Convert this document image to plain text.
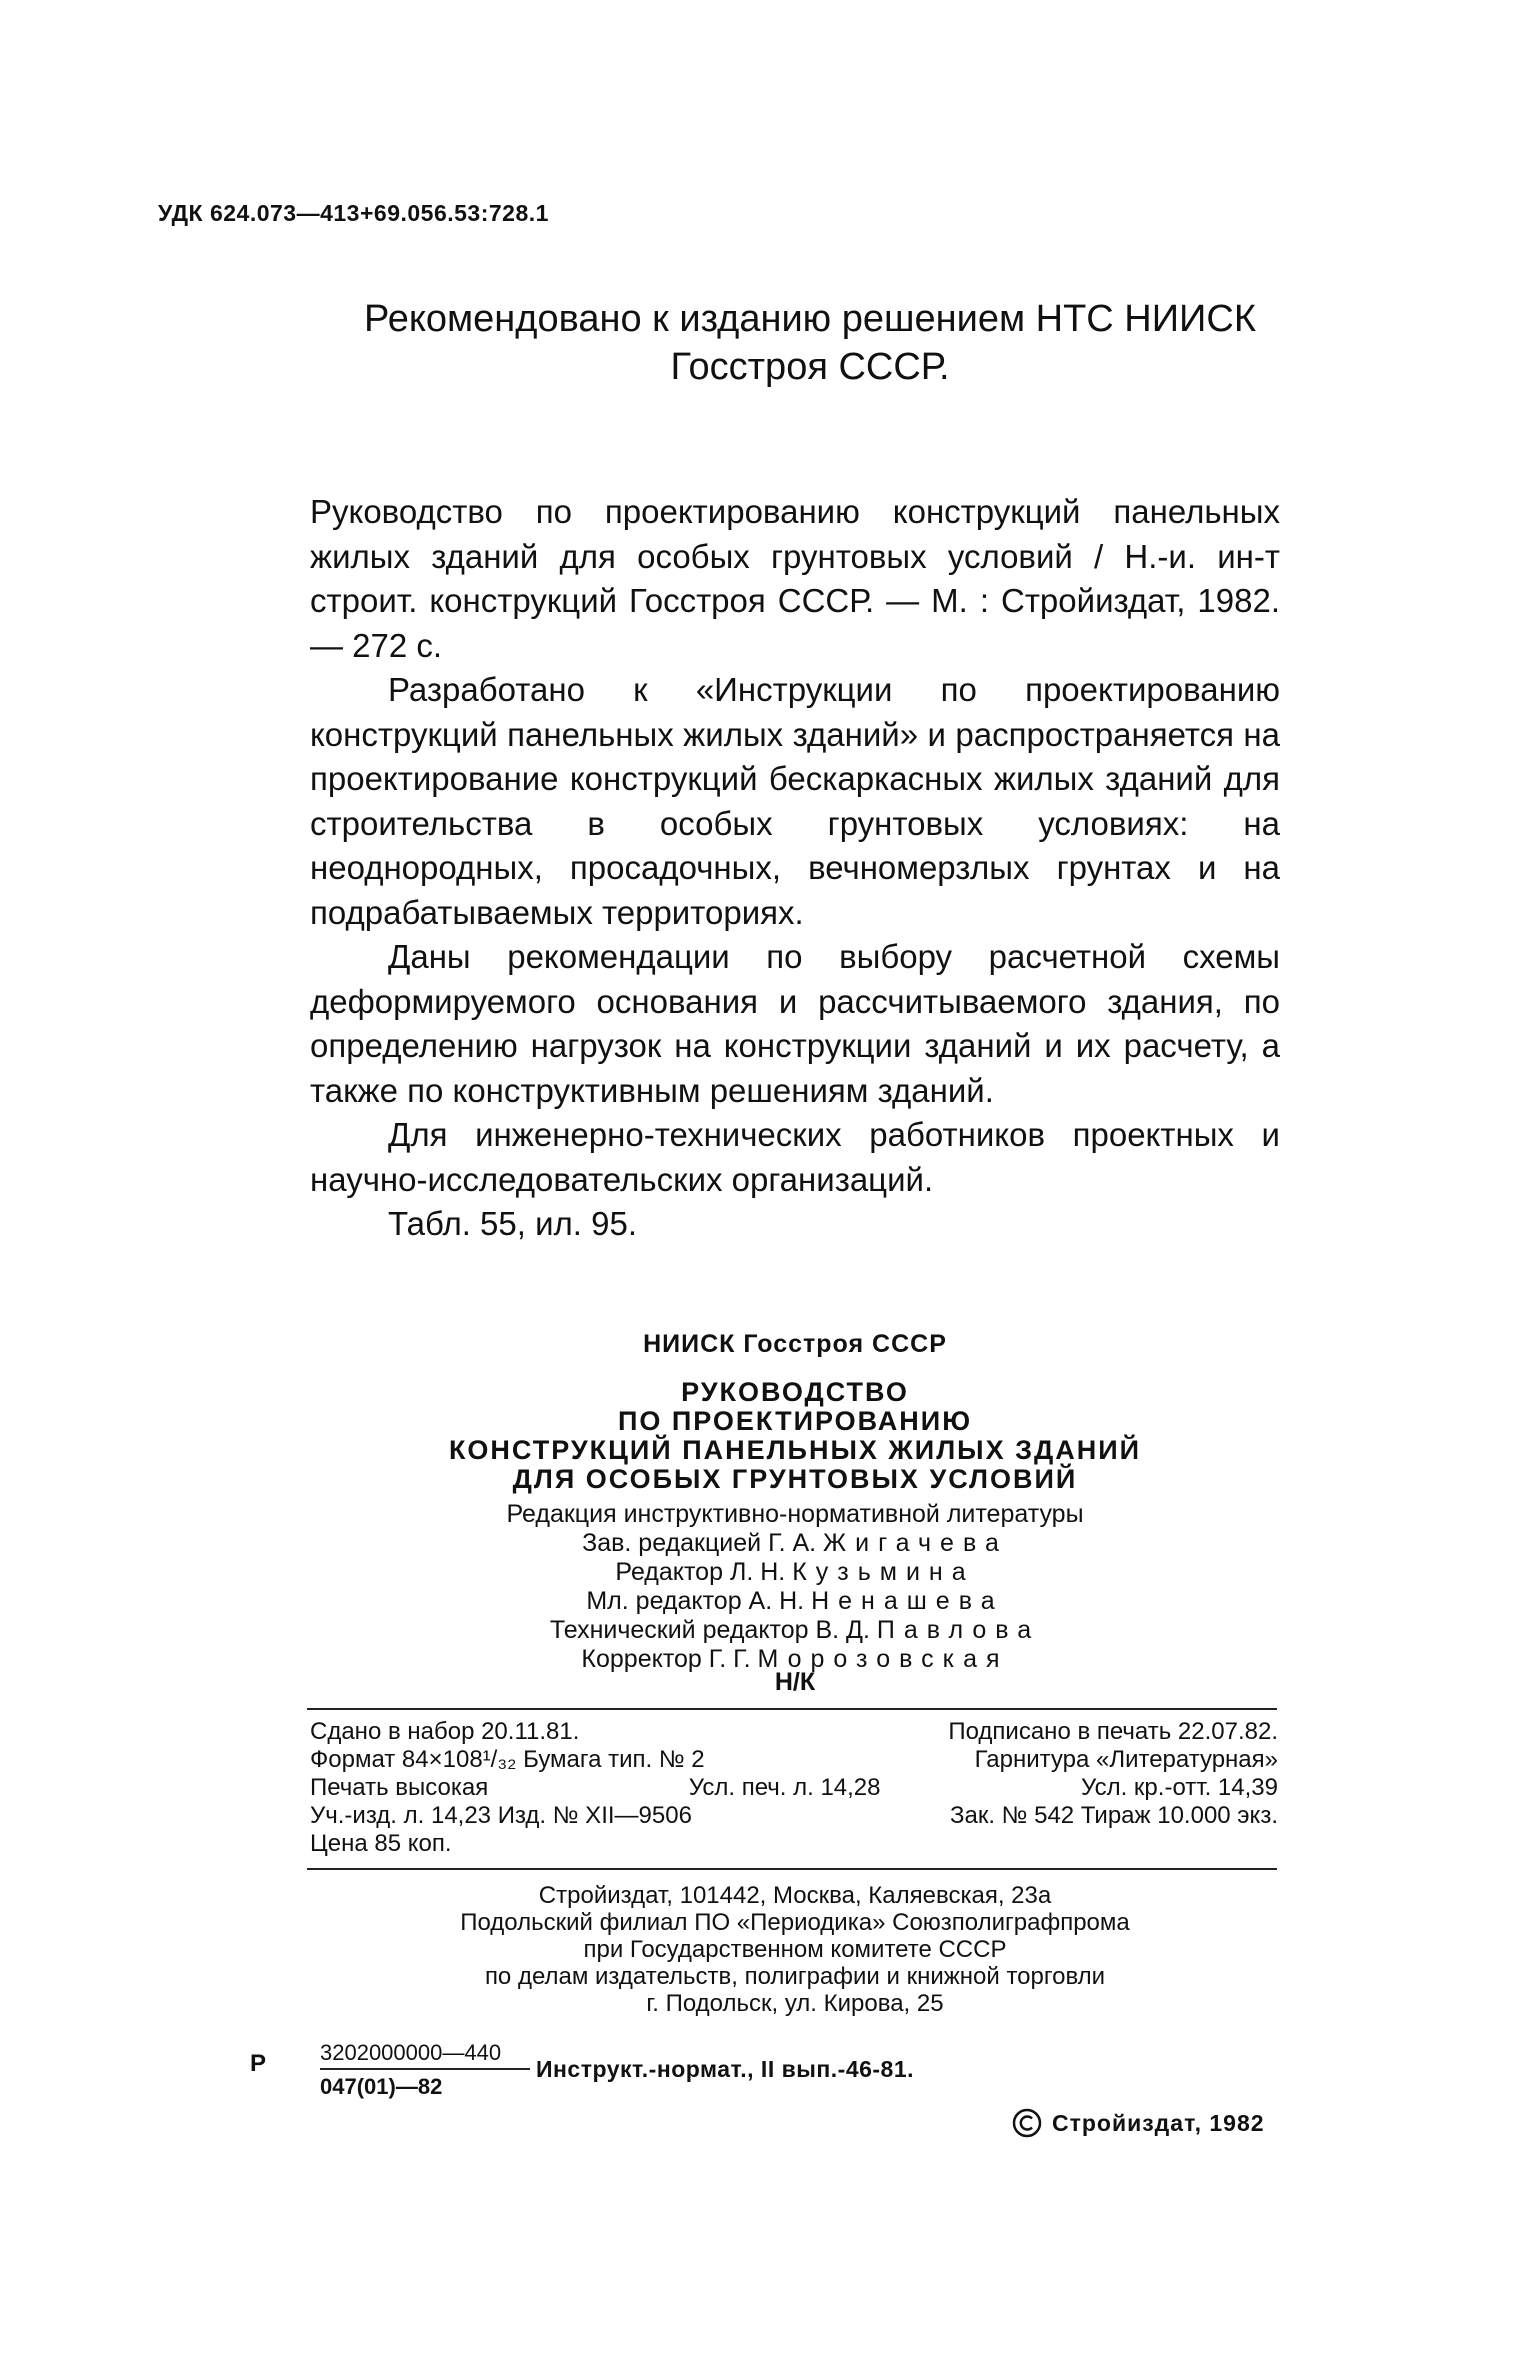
УДК 624.073—413+69.056.53:728.1
Рекомендовано к изданию решением НТС НИИСК
Госстроя СССР.

Руководство по проектированию конструкций панельных жилых зданий для особых грунтовых условий / Н.-и. ин-т строит. конструкций Госстроя СССР. — М. : Стройиздат, 1982. — 272 с.

Разработано к «Инструкции по проектированию конструкций панельных жилых зданий» и распространяется на проектирование конструкций бескаркасных жилых зданий для строительства в особых грунтовых условиях: на неоднородных, просадочных, вечномерзлых грунтах и на подрабатываемых территориях.

Даны рекомендации по выбору расчетной схемы деформируемого основания и рассчитываемого здания, по определению нагрузок на конструкции зданий и их расчету, а также по конструктивным решениям зданий.

Для инженерно-технических работников проектных и научно-исследовательских организаций.

Табл. 55, ил. 95.

НИИСК Госстроя СССР
РУКОВОДСТВО
ПО ПРОЕКТИРОВАНИЮ
КОНСТРУКЦИЙ ПАНЕЛЬНЫХ ЖИЛЫХ ЗДАНИЙ
ДЛЯ ОСОБЫХ ГРУНТОВЫХ УСЛОВИЙ
Редакция инструктивно-нормативной литературы
Зав. редакцией Г. А. Жигачева
Редактор Л. Н. Кузьмина
Мл. редактор А. Н. Ненашева
Технический редактор В. Д. Павлова
Корректор Г. Г. Морозовская
Н/К
Сдано в набор 20.11.81.	Подписано в печать 22.07.82.
Формат 84×108¹/₃₂ Бумага тип. № 2	Гарнитура «Литературная»
Печать высокая	Усл. печ. л. 14,28	Усл. кр.-отт. 14,39
Уч.-изд. л. 14,23 Изд. № XII—9506	Зак. № 542 Тираж 10.000 экз.
Цена 85 коп.
Стройиздат, 101442, Москва, Каляевская, 23а
Подольский филиал ПО «Периодика» Союзполиграфпрома
при Государственном комитете СССР
по делам издательств, полиграфии и книжной торговли
г. Подольск, ул. Кирова, 25
Р $\frac{3202000000—440}{047(01)—82}$ Инструкт.-нормат., II вып.-46-81.
Стройиздат, 1982
